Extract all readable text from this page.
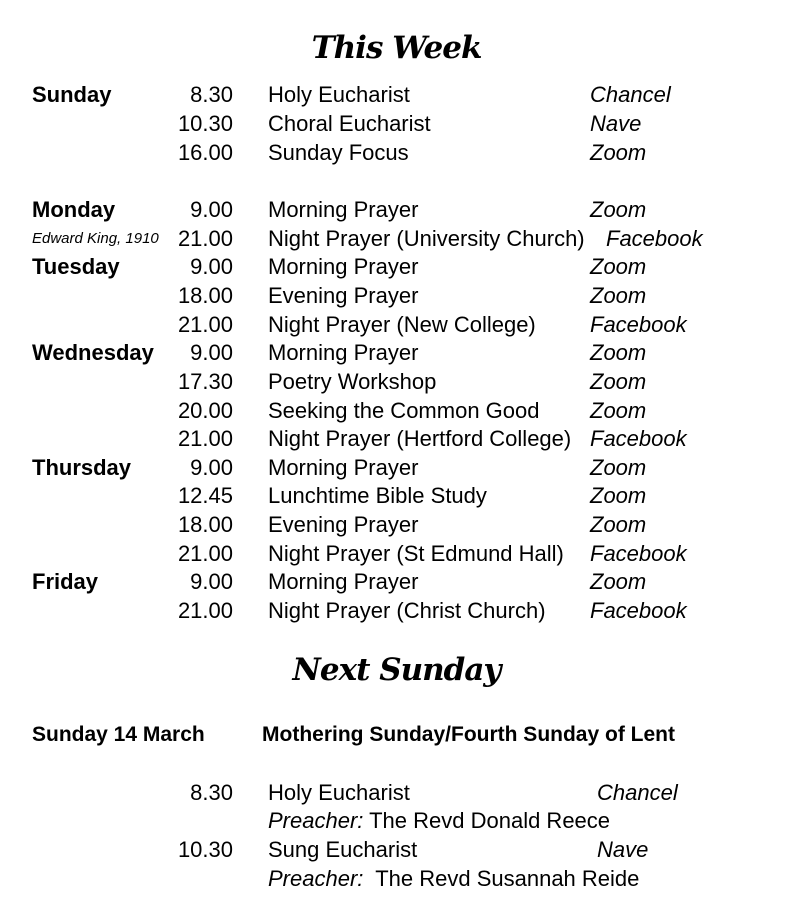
This Week
Sunday	8.30 Holy Eucharist	Chancel
10.30 Choral Eucharist	Nave
16.00 Sunday Focus	Zoom
Monday	9.00 Morning Prayer	Zoom
Edward King, 1910 21.00 Night Prayer (University Church) Facebook
Tuesday	9.00 Morning Prayer	Zoom
18.00 Evening Prayer	Zoom
21.00 Night Prayer (New College) Facebook
Wednesday 9.00 Morning Prayer	Zoom
17.30 Poetry Workshop	Zoom
20.00 Seeking the Common Good Zoom
21.00 Night Prayer (Hertford College) Facebook
Thursday	9.00 Morning Prayer	Zoom
12.45 Lunchtime Bible Study	Zoom
18.00 Evening Prayer	Zoom
21.00 Night Prayer (St Edmund Hall) Facebook
Friday	9.00 Morning Prayer	Zoom
21.00 Night Prayer (Christ Church) Facebook
Next Sunday
Sunday 14 March	Mothering Sunday/Fourth Sunday of Lent
8.30 Holy Eucharist	Chancel
Preacher: The Revd Donald Reece
10.30 Sung Eucharist	Nave
Preacher: The Revd Susannah Reide
